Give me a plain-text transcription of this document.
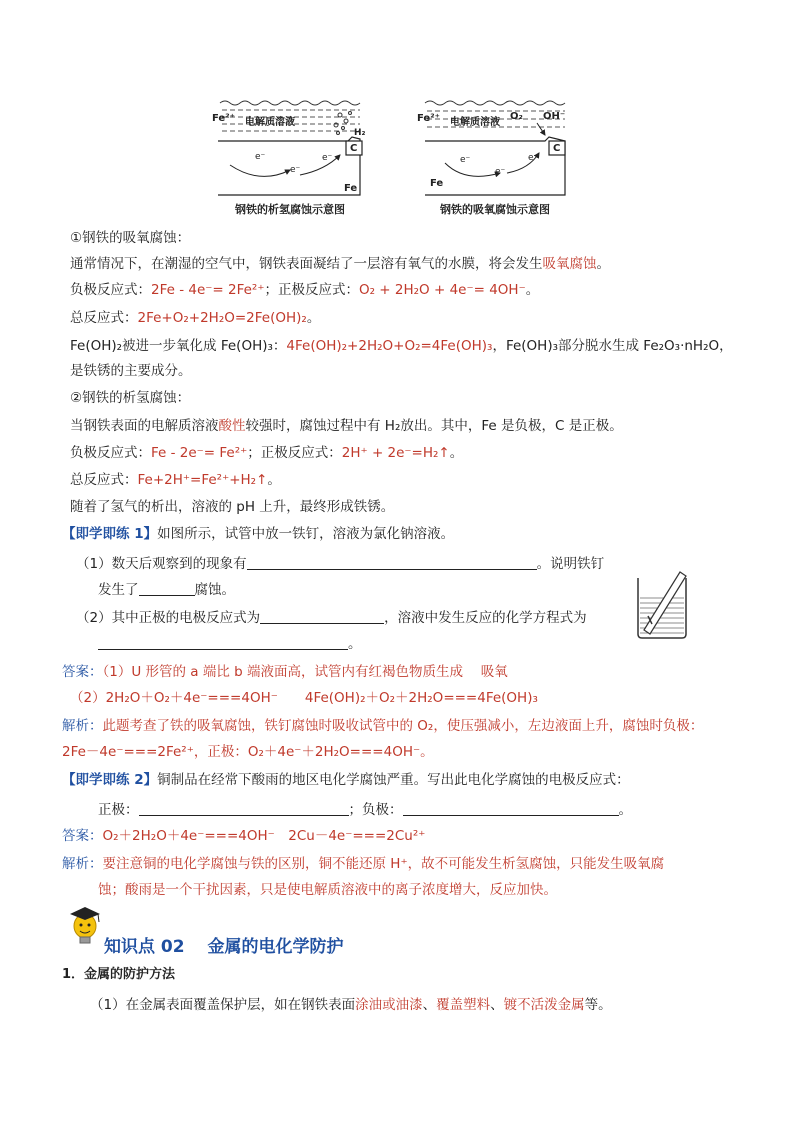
Fe²⁺ 电解质溶液
H₂
C
Fe
e⁻
e⁻
e⁻
钢铁的析氢腐蚀示意图
Fe²⁺ 电解质溶液
O₂ OH⁻
C
Fe
e⁻
e⁻
e⁻
钢铁的吸氧腐蚀示意图
①钢铁的吸氧腐蚀：
通常情况下，在潮湿的空气中，钢铁表面凝结了一层溶有氧气的水膜，将会发生吸氧腐蚀。
负极反应式：2Fe - 4e⁻= 2Fe²⁺；正极反应式：O₂ + 2H₂O + 4e⁻= 4OH⁻。
总反应式：2Fe+O₂+2H₂O=2Fe(OH)₂。
Fe(OH)₂被进一步氧化成 Fe(OH)₃：4Fe(OH)₂+2H₂O+O₂=4Fe(OH)₃，Fe(OH)₃部分脱水生成 Fe₂O₃·nH₂O，
是铁锈的主要成分。
②钢铁的析氢腐蚀：
当钢铁表面的电解质溶液酸性较强时，腐蚀过程中有 H₂放出。其中，Fe 是负极，C 是正极。
负极反应式：Fe - 2e⁻= Fe²⁺；正极反应式：2H⁺ + 2e⁻=H₂↑。
总反应式：Fe+2H⁺=Fe²⁺+H₂↑。
随着了氢气的析出，溶液的 pH 上升，最终形成铁锈。
【即学即练 1】如图所示，试管中放一铁钉，溶液为氯化钠溶液。
（1）数天后观察到的现象有	。说明铁钉
发生了	腐蚀。
（2）其中正极的电极反应式为	，溶液中发生反应的化学方程式为
。
答案：（1）U 形管的 a 端比 b 端液面高，试管内有红褐色物质生成　 吸氧
（2）2H₂O＋O₂＋4e⁻===4OH⁻　　4Fe(OH)₂＋O₂＋2H₂O===4Fe(OH)₃
解析：此题考查了铁的吸氧腐蚀，铁钉腐蚀时吸收试管中的 O₂，使压强减小，左边液面上升，腐蚀时负极：
2Fe－4e⁻===2Fe²⁺，正极：O₂＋4e⁻＋2H₂O===4OH⁻。
【即学即练 2】铜制品在经常下酸雨的地区电化学腐蚀严重。写出此电化学腐蚀的电极反应式：
正极：	；负极：	。
答案：O₂＋2H₂O＋4e⁻===4OH⁻　2Cu－4e⁻===2Cu²⁺
解析：要注意铜的电化学腐蚀与铁的区别，铜不能还原 H⁺，故不可能发生析氢腐蚀，只能发生吸氧腐
蚀；酸雨是一个干扰因素，只是使电解质溶液中的离子浓度增大，反应加快。
知识点 02　 金属的电化学防护
1．金属的防护方法
（1）在金属表面覆盖保护层，如在钢铁表面涂油或油漆、覆盖塑料、镀不活泼金属等。
